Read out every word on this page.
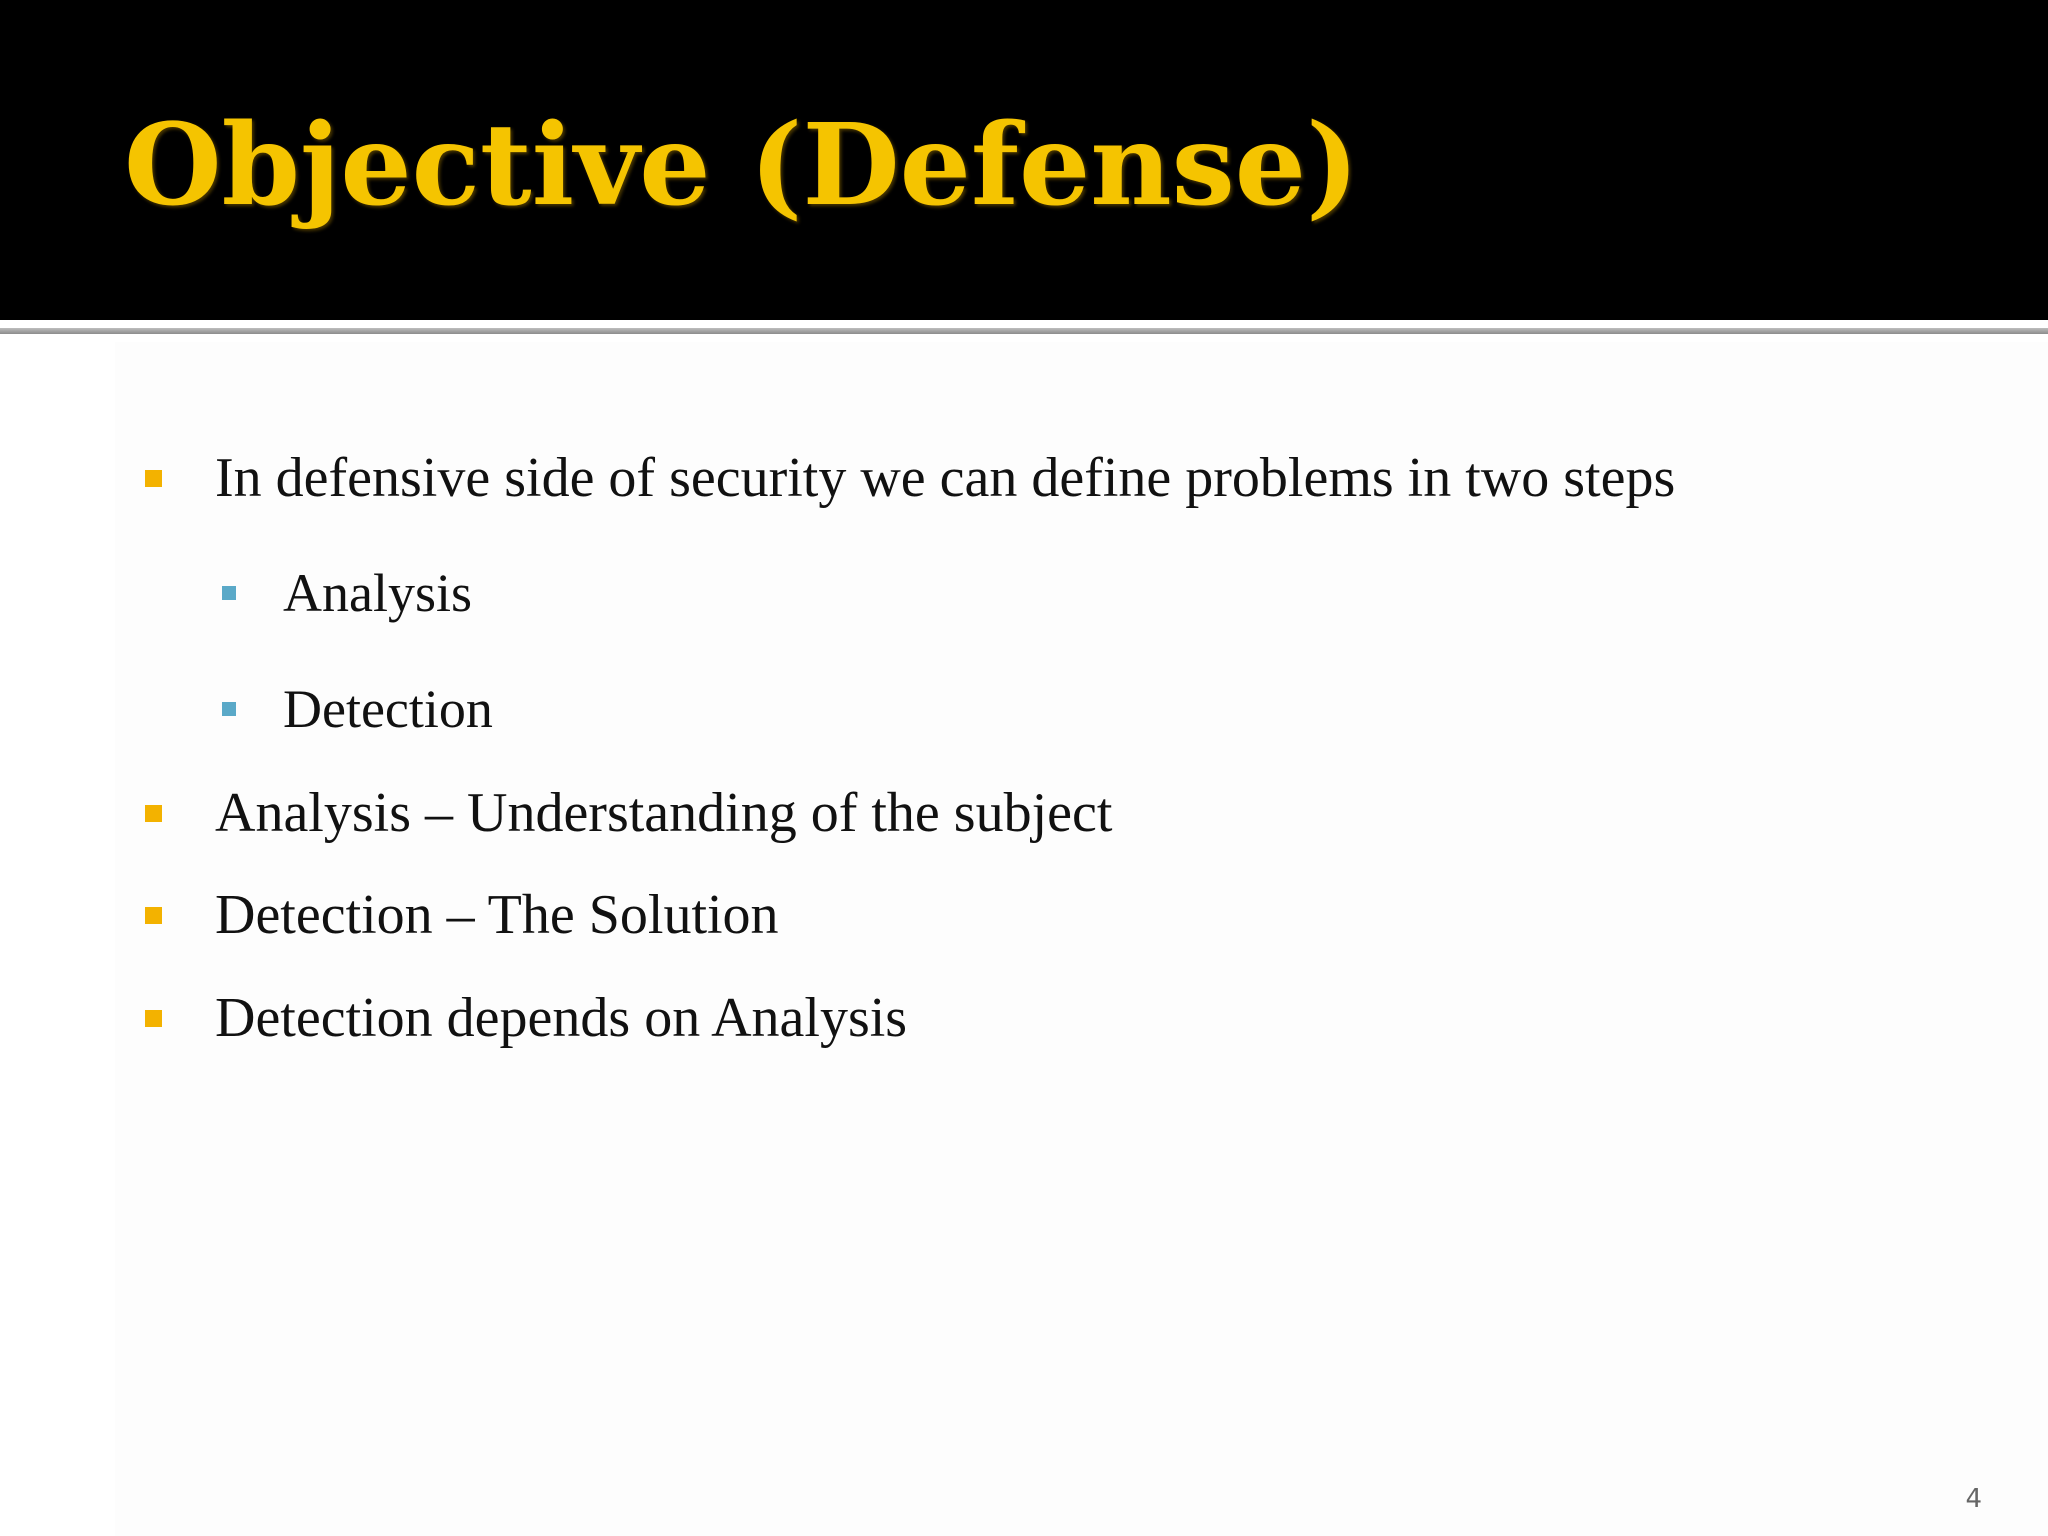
Objective (Defense)
In defensive side of security we can define problems in two steps
Analysis
Detection
Analysis – Understanding of the subject
Detection – The Solution
Detection depends on Analysis
4
